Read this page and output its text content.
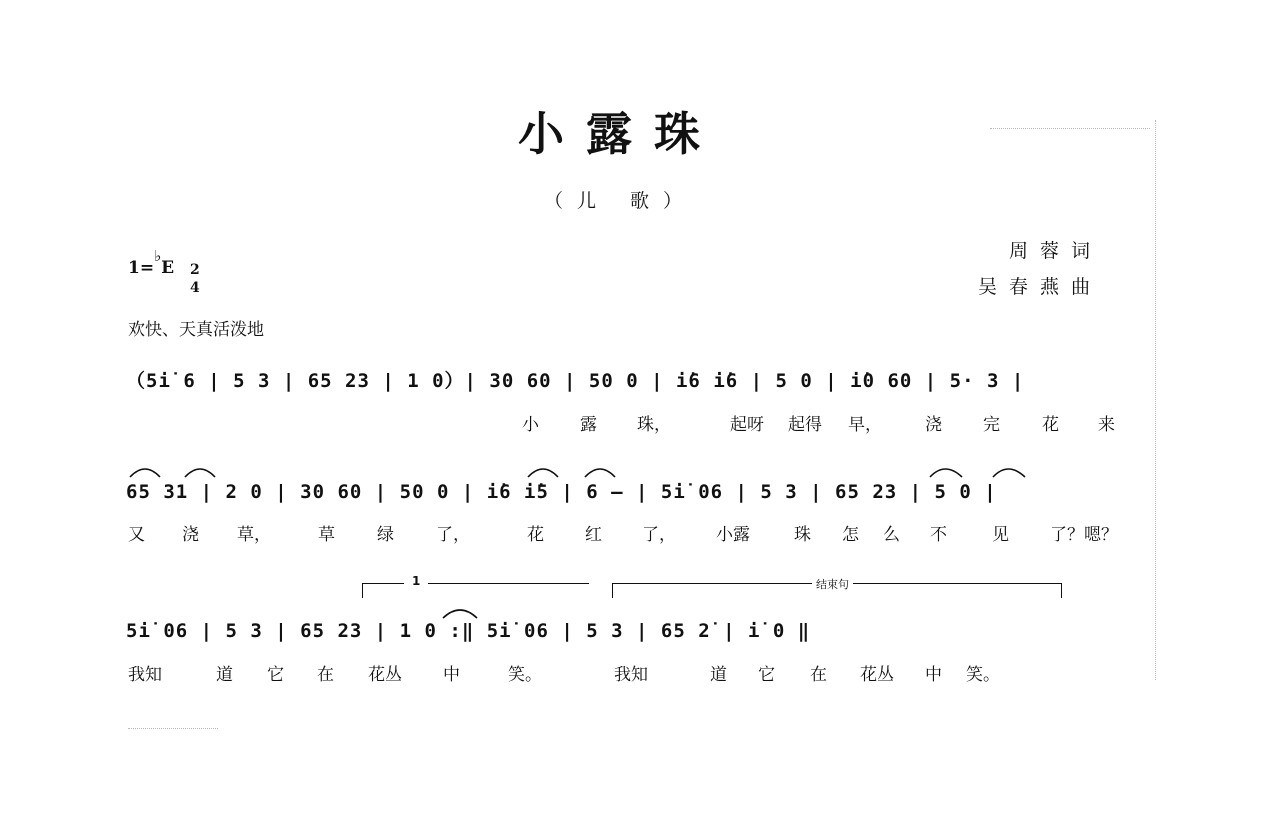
小露珠
（儿 歌）
周蓉词
吴春燕曲
1=♭E 2
4
欢快、天真活泼地
（5i̇ 6 | 5 3 | 65 23 | 1 0）| 30 60 | 50 0 | i̇6 i̇6 | 5 0 | i̇0 60 | 5· 3 |
小 露 珠，	起呀 起得 早，	浇 完 花 来
65 31 | 2 0 | 30 60 | 50 0 | i̇6 i̇5 | 6 – | 5i̇ 06 | 5 3 | 65 23 | 5 0 |
又 浇 草，	草 绿 了，	花 红 了， 小露	珠 怎 么 不	见 了？嗯？
1	结束句
5i̇ 06 | 5 3 | 65 23 | 1 0 :‖ 5i̇ 06 | 5 3 | 65 2̇ | i̇ 0 ‖
我知	道 它 在 花丛 中	笑。	我知	道 它 在 花丛 中 笑。
